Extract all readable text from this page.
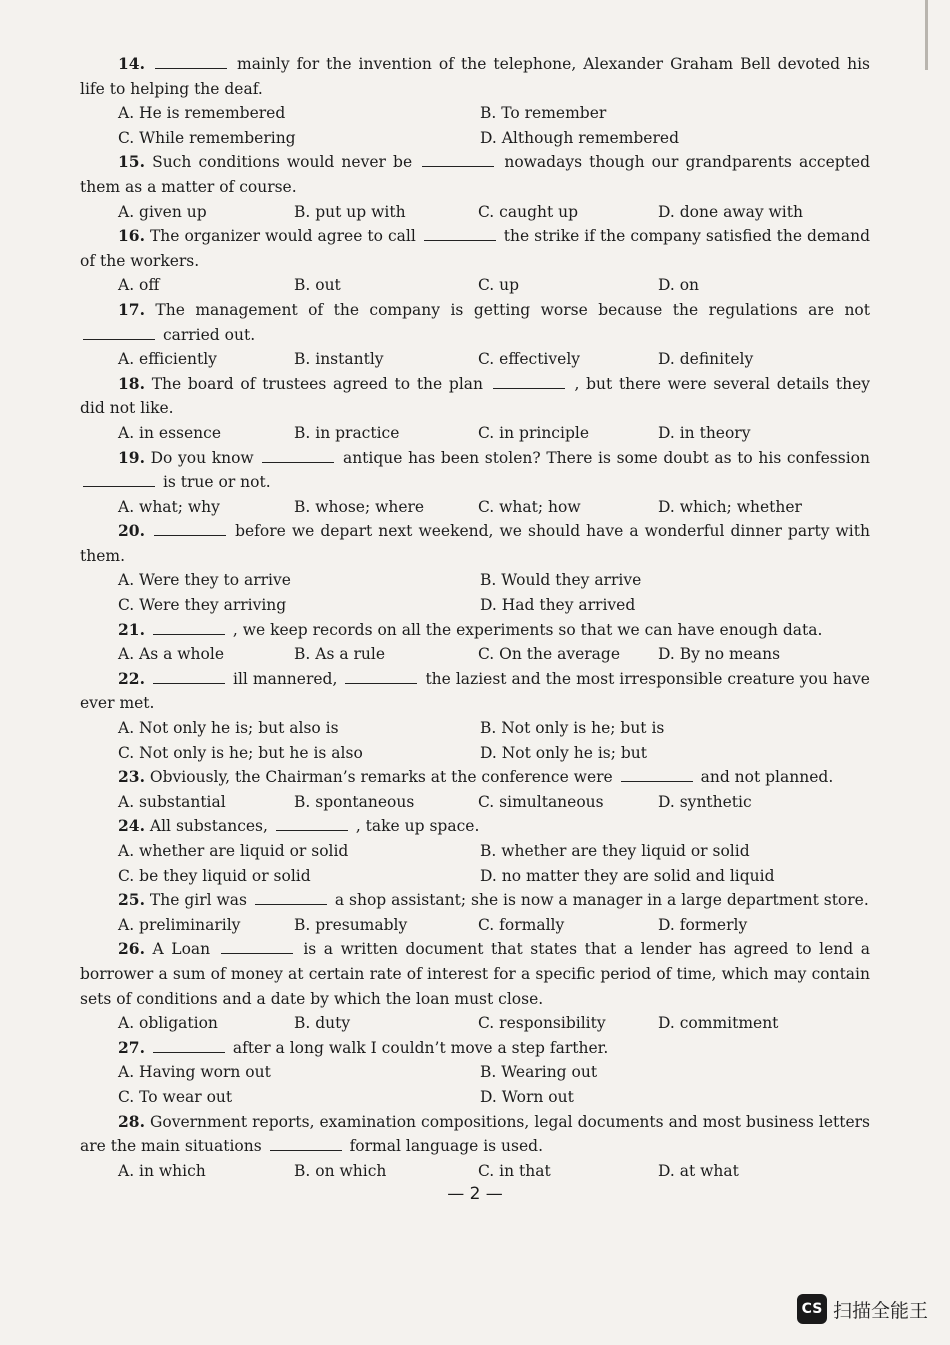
14.	mainly for the invention of the telephone, Alexander Graham Bell devoted his life to helping the deaf.
A. He is remembered	B. To remember
C. While remembering	D. Although remembered
15. Such conditions would never be	nowadays though our grandparents accepted them as a matter of course.
A. given up	B. put up with	C. caught up	D. done away with
16. The organizer would agree to call	the strike if the company satisfied the demand of the workers.
A. off	B. out	C. up	D. on
17. The management of the company is getting worse because the regulations are not  carried out.
A. efficiently	B. instantly	C. effectively	D. definitely
18. The board of trustees agreed to the plan	, but there were several details they did not like.
A. in essence	B. in practice	C. in principle	D. in theory
19. Do you know	antique has been stolen? There is some doubt as to his confession  is true or not.
A. what; why	B. whose; where	C. what; how	D. which; whether
20.	before we depart next weekend, we should have a wonderful dinner party with them.
A. Were they to arrive	B. Would they arrive
C. Were they arriving	D. Had they arrived
21.	, we keep records on all the experiments so that we can have enough data.
A. As a whole	B. As a rule	C. On the average	D. By no means
22.	ill mannered,	the laziest and the most irresponsible creature you have ever met.
A. Not only he is; but also is	B. Not only is he; but is
C. Not only is he; but he is also	D. Not only he is; but
23. Obviously, the Chairman’s remarks at the conference were	and not planned.
A. substantial	B. spontaneous	C. simultaneous	D. synthetic
24. All substances,	, take up space.
A. whether are liquid or solid	B. whether are they liquid or solid
C. be they liquid or solid	D. no matter they are solid and liquid
25. The girl was	a shop assistant; she is now a manager in a large department store.
A. preliminarily	B. presumably	C. formally	D. formerly
26. A Loan	is a written document that states that a lender has agreed to lend a borrower a sum of money at certain rate of interest for a specific period of time, which may contain sets of conditions and a date by which the loan must close.
A. obligation	B. duty	C. responsibility	D. commitment
27.	after a long walk I couldn’t move a step farther.
A. Having worn out	B. Wearing out
C. To wear out	D. Worn out
28. Government reports, examination compositions, legal documents and most business letters are the main situations	formal language is used.
A. in which	B. on which	C. in that	D. at what
— 2 —
CS 扫描全能王
